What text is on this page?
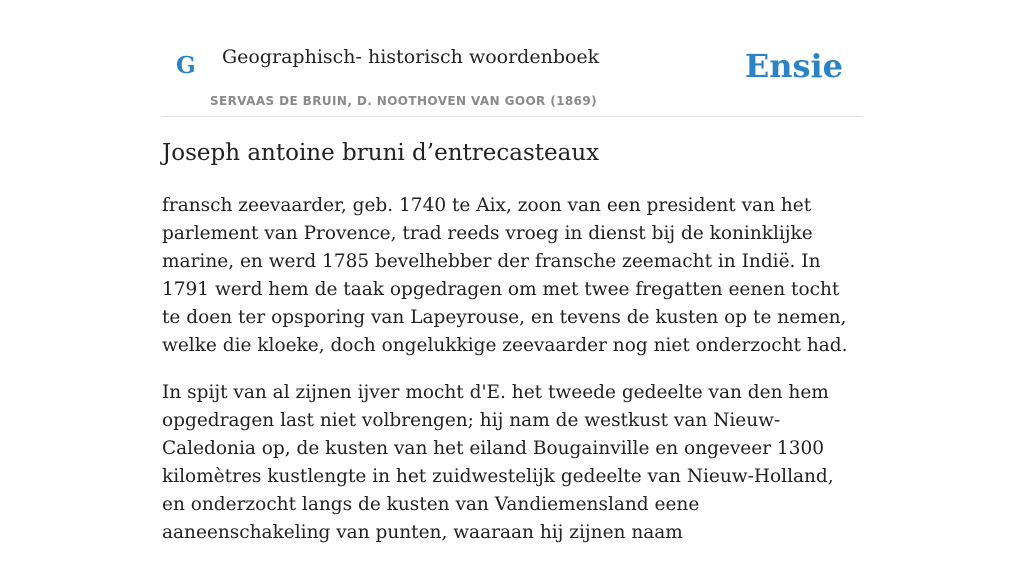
G Geographisch- historisch woordenboek
SERVAAS DE BRUIN, D. NOOTHOVEN VAN GOOR (1869)
Ensie
Joseph antoine bruni d’entrecasteaux

fransch zeevaarder, geb. 1740 te Aix, zoon van een president van het parlement van Provence, trad reeds vroeg in dienst bij de koninklijke marine, en werd 1785 bevelhebber der fransche zeemacht in Indië. In 1791 werd hem de taak opgedragen om met twee fregatten eenen tocht te doen ter opsporing van Lapeyrouse, en tevens de kusten op te nemen, welke die kloeke, doch ongelukkige zeevaarder nog niet onderzocht had.

In spijt van al zijnen ijver mocht d'E. het tweede gedeelte van den hem opgedragen last niet volbrengen; hij nam de westkust van Nieuw-Caledonia op, de kusten van het eiland Bougainville en ongeveer 1300 kilomètres kustlengte in het zuidwestelijk gedeelte van Nieuw-Holland, en onderzocht langs de kusten van Vandiemensland eene aaneenschakeling van punten, waaraan hij zijnen naam
